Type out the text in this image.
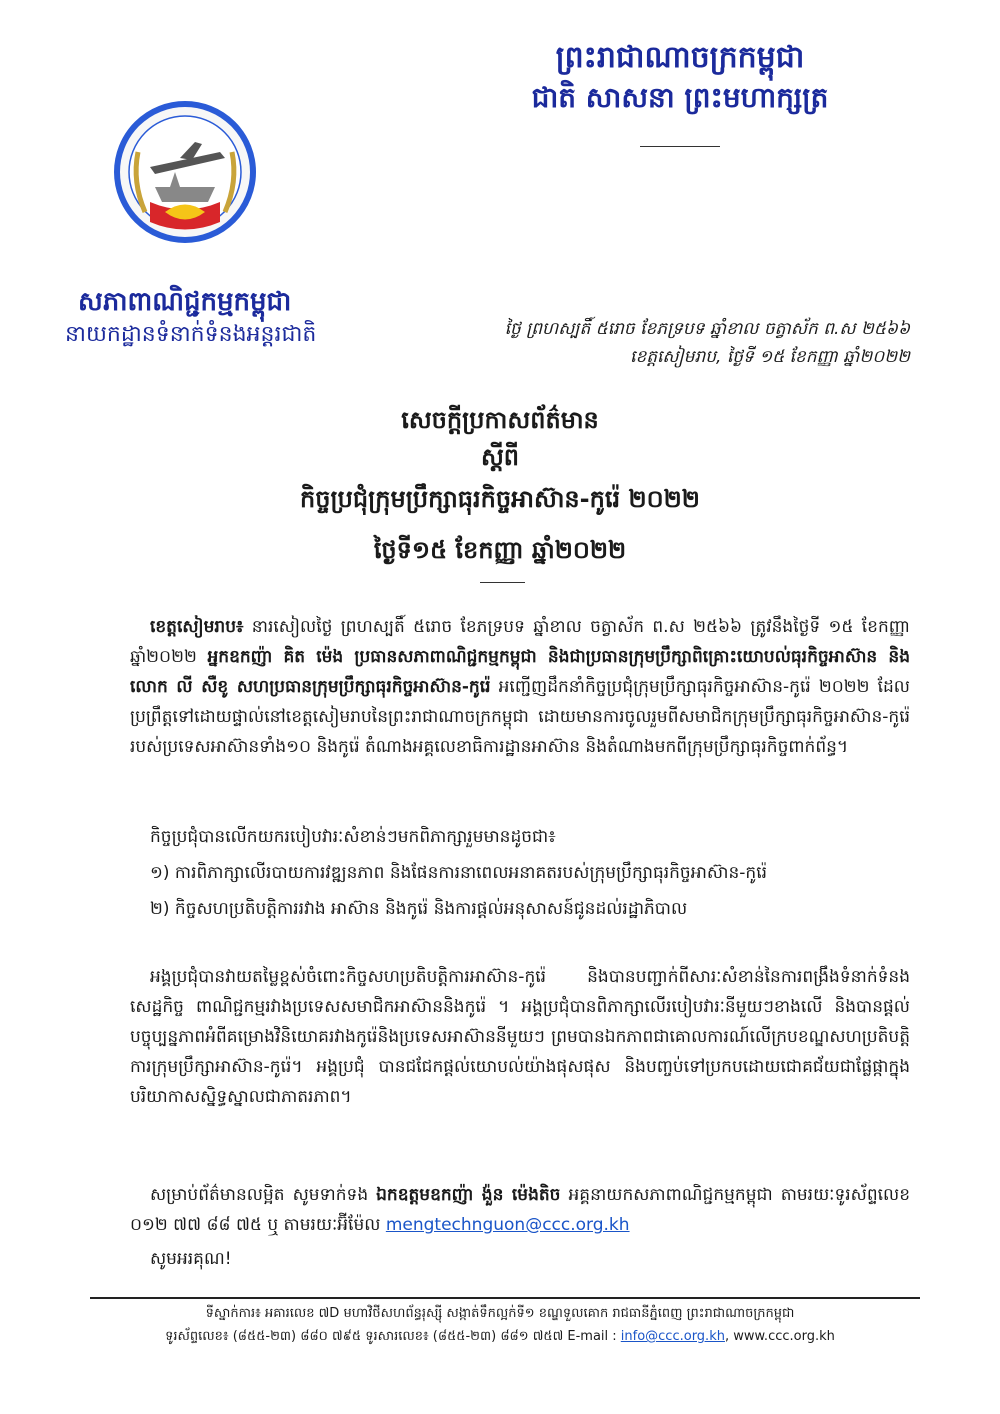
ព្រះរាជាណាចក្រកម្ពុជា
ជាតិ សាសនា ព្រះមហាក្សត្រ
សភាពាណិជ្ជកម្មកម្ពុជា
នាយកដ្ឋានទំនាក់ទំនងអន្តរជាតិ	ថ្ងៃ ព្រហស្បតិ៍ ៥រោច ខែភទ្របទ ឆ្នាំខាល ចត្វាស័ក ព.ស ២៥៦៦
ខេត្តសៀមរាប, ថ្ងៃទី ១៥ ខែកញ្ញា ឆ្នាំ២០២២
សេចក្តីប្រកាសព័ត៌មាន
ស្តីពី
កិច្ចប្រជុំក្រុមប្រឹក្សាធុរកិច្ចអាស៊ាន-កូរ៉េ ២០២២
ថ្ងៃទី១៥ ខែកញ្ញា ឆ្នាំ២០២២
ខេត្តសៀមរាប៖ នារសៀលថ្ងៃ ព្រហស្បតិ៍ ៥រោច ខែភទ្របទ ឆ្នាំខាល ចត្វាស័ក ព.ស ២៥៦៦ ត្រូវនឹងថ្ងៃទី ១៥ ខែកញ្ញា ឆ្នាំ២០២២ អ្នកឧកញ៉ា គិត ម៉េង ប្រធានសភាពាណិជ្ជកម្មកម្ពុជា និងជាប្រធានក្រុមប្រឹក្សាពិគ្រោះយោបល់ធុរកិច្ចអាស៊ាន និង លោក លី សឺខូ សហប្រធានក្រុមប្រឹក្សាធុរកិច្ចអាស៊ាន-កូរ៉េ អញ្ជើញដឹកនាំកិច្ចប្រជុំក្រុមប្រឹក្សាធុរកិច្ចអាស៊ាន-កូរ៉េ ២០២២ ដែលប្រព្រឹត្តទៅដោយផ្ទាល់នៅខេត្តសៀមរាបនៃព្រះរាជាណាចក្រកម្ពុជា ដោយមានការចូលរួមពីសមាជិកក្រុមប្រឹក្សាធុរកិច្ចអាស៊ាន-កូរ៉េ របស់ប្រទេសអាស៊ានទាំង១០ និងកូរ៉េ តំណាងអគ្គលេខាធិការដ្ឋានអាស៊ាន និងតំណាងមកពីក្រុមប្រឹក្សាធុរកិច្ចពាក់ព័ន្ធ។
កិច្ចប្រជុំបានលើកយករបៀបវារៈសំខាន់ៗមកពិភាក្សារួមមានដូចជា៖
១) ការពិភាក្សាលើរបាយការវឌ្ឍនភាព និងផែនការនាពេលអនាគតរបស់ក្រុមប្រឹក្សាធុរកិច្ចអាស៊ាន-កូរ៉េ
២) កិច្ចសហប្រតិបត្តិការរវាង អាស៊ាន និងកូរ៉េ និងការផ្តល់អនុសាសន៍ជូនដល់រដ្ឋាភិបាល
អង្គប្រជុំបានវាយតម្លៃខ្ពស់ចំពោះកិច្ចសហប្រតិបត្តិការអាស៊ាន-កូរ៉េ និងបានបញ្ជាក់ពីសារៈសំខាន់នៃការពង្រឹងទំនាក់ទំនងសេដ្ឋកិច្ច ពាណិជ្ជកម្មរវាងប្រទេសសមាជិកអាស៊ាននិងកូរ៉េ ។ អង្គប្រជុំបានពិភាក្សាលើរបៀបវារៈនីមួយៗខាងលើ និងបានផ្តល់បច្ចុប្បន្នភាពអំពីគម្រោងវិនិយោគរវាងកូរ៉េនិងប្រទេសអាស៊ាននីមួយៗ ព្រមបានឯកភាពជាគោលការណ៍លើក្របខណ្ឌសហប្រតិបត្តិការក្រុមប្រឹក្សាអាស៊ាន-កូរ៉េ។ អង្គប្រជុំ បានជជែកផ្តល់យោបល់យ៉ាងផុសផុស និងបញ្ចប់ទៅប្រកបដោយជោគជ័យជាផ្លែផ្កាក្នុងបរិយាកាសស្និទ្ធស្នាលជាភាតរភាព។
សម្រាប់ព័ត៌មានលម្អិត សូមទាក់ទង ឯកឧត្តមឧកញ៉ា ង៉ួន ម៉េងតិច អគ្គនាយកសភាពាណិជ្ជកម្មកម្ពុជា តាមរយៈទូរស័ព្ទលេខ ០១២ ៧៧ ៨៨ ៧៥ ឬ តាមរយៈអ៊ីម៉ែល mengtechnguon@ccc.org.kh
សូមអរគុណ!
ទីស្នាក់ការ៖ អគារលេខ ៧D មហាវិថីសហព័ន្ធរុស្ស៊ី សង្កាត់ទឹកល្អក់ទី១ ខណ្ឌទួលគោក រាជធានីភ្នំពេញ ព្រះរាជាណាចក្រកម្ពុជា
ទូរស័ព្ទលេខ៖ (៨៥៥-២៣) ៨៨០ ៧៩៥ ទូរសារលេខ៖ (៨៥៥-២៣) ៨៨១ ៧៥៧ E-mail : info@ccc.org.kh, www.ccc.org.kh
